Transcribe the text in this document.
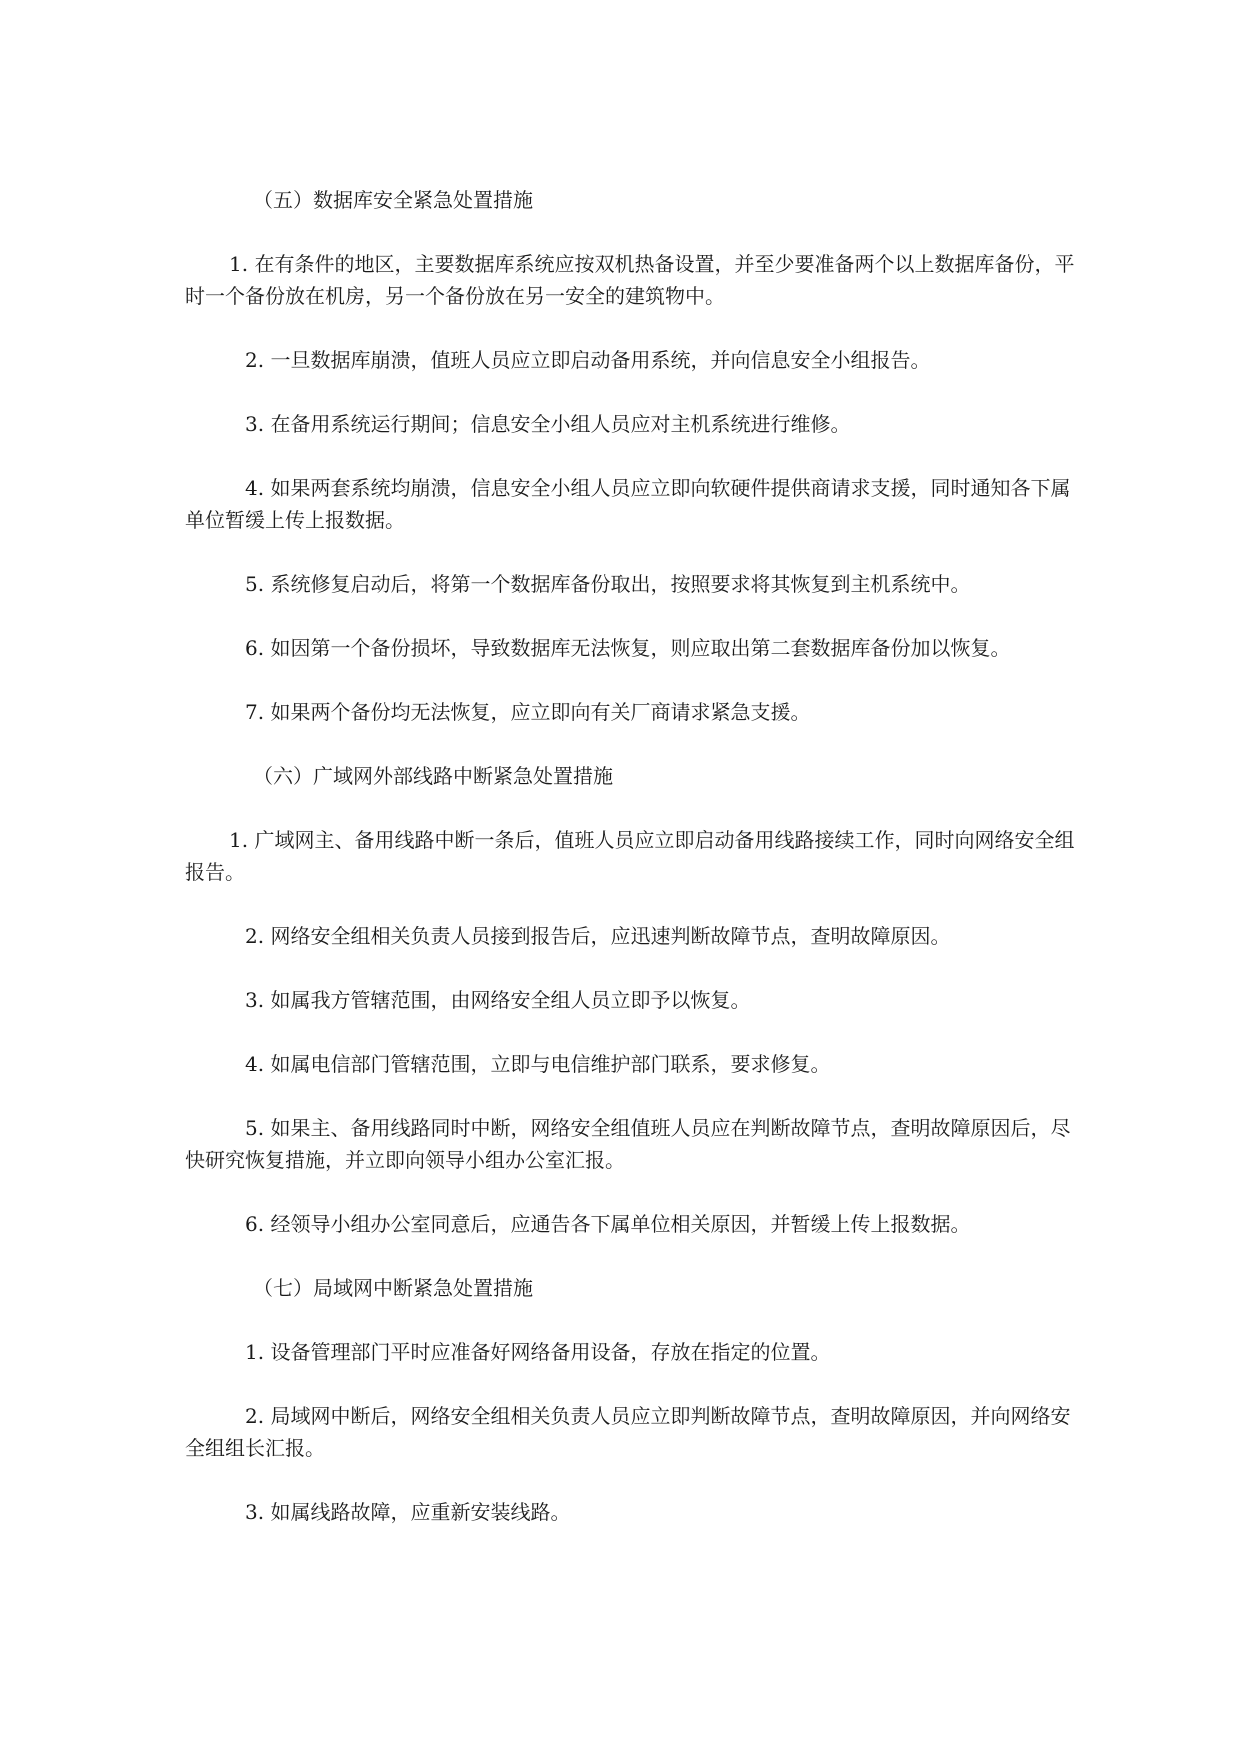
（五）数据库安全紧急处置措施

1. 在有条件的地区，主要数据库系统应按双机热备设置，并至少要准备两个以上数据库备份，平时一个备份放在机房，另一个备份放在另一安全的建筑物中。

2. 一旦数据库崩溃，值班人员应立即启动备用系统，并向信息安全小组报告。

3. 在备用系统运行期间；信息安全小组人员应对主机系统进行维修。

4. 如果两套系统均崩溃，信息安全小组人员应立即向软硬件提供商请求支援，同时通知各下属单位暂缓上传上报数据。

5. 系统修复启动后，将第一个数据库备份取出，按照要求将其恢复到主机系统中。

6. 如因第一个备份损坏，导致数据库无法恢复，则应取出第二套数据库备份加以恢复。

7. 如果两个备份均无法恢复，应立即向有关厂商请求紧急支援。

（六）广域网外部线路中断紧急处置措施

1. 广域网主、备用线路中断一条后，值班人员应立即启动备用线路接续工作，同时向网络安全组报告。

2. 网络安全组相关负责人员接到报告后，应迅速判断故障节点，查明故障原因。

3. 如属我方管辖范围，由网络安全组人员立即予以恢复。

4. 如属电信部门管辖范围，立即与电信维护部门联系，要求修复。

5. 如果主、备用线路同时中断，网络安全组值班人员应在判断故障节点，查明故障原因后，尽快研究恢复措施，并立即向领导小组办公室汇报。

6. 经领导小组办公室同意后，应通告各下属单位相关原因，并暂缓上传上报数据。

（七）局域网中断紧急处置措施

1. 设备管理部门平时应准备好网络备用设备，存放在指定的位置。

2. 局域网中断后，网络安全组相关负责人员应立即判断故障节点，查明故障原因，并向网络安全组组长汇报。

3. 如属线路故障，应重新安装线路。
